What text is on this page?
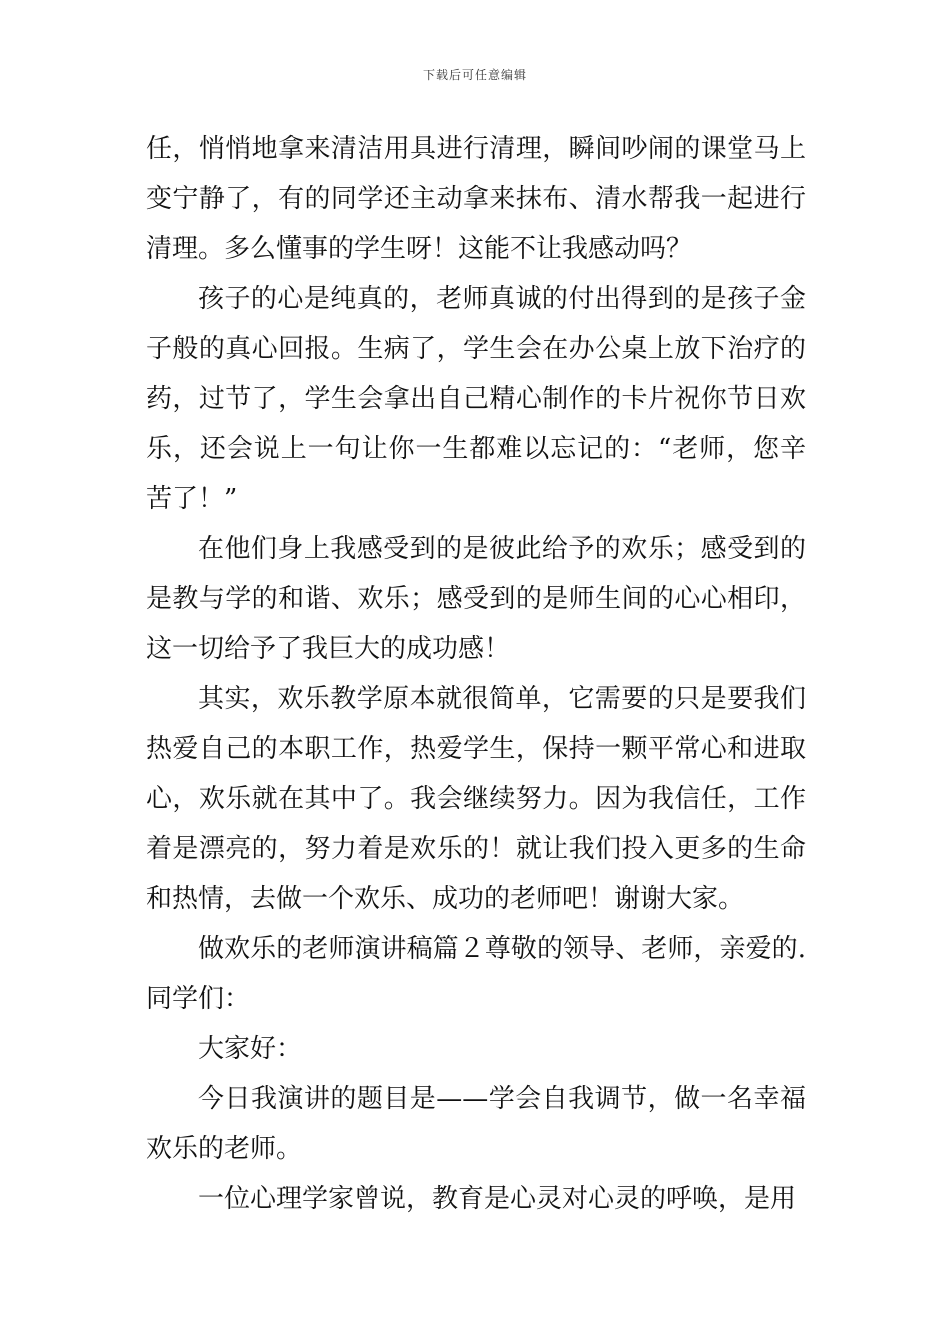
下载后可任意编辑

任，悄悄地拿来清洁用具进行清理，瞬间吵闹的课堂马上变宁静了，有的同学还主动拿来抹布、清水帮我一起进行清理。多么懂事的学生呀！这能不让我感动吗？

孩子的心是纯真的，老师真诚的付出得到的是孩子金子般的真心回报。生病了，学生会在办公桌上放下治疗的药，过节了，学生会拿出自己精心制作的卡片祝你节日欢乐，还会说上一句让你一生都难以忘记的：“老师，您辛苦了！”

在他们身上我感受到的是彼此给予的欢乐；感受到的是教与学的和谐、欢乐；感受到的是师生间的心心相印，这一切给予了我巨大的成功感！

其实，欢乐教学原本就很简单，它需要的只是要我们热爱自己的本职工作，热爱学生，保持一颗平常心和进取心，欢乐就在其中了。我会继续努力。因为我信任，工作着是漂亮的，努力着是欢乐的！就让我们投入更多的生命和热情，去做一个欢乐、成功的老师吧！谢谢大家。

做欢乐的老师演讲稿篇２尊敬的领导、老师，亲爱的.同学们：

大家好：

今日我演讲的题目是——学会自我调节，做一名幸福欢乐的老师。

一位心理学家曾说，教育是心灵对心灵的呼唤，是用
